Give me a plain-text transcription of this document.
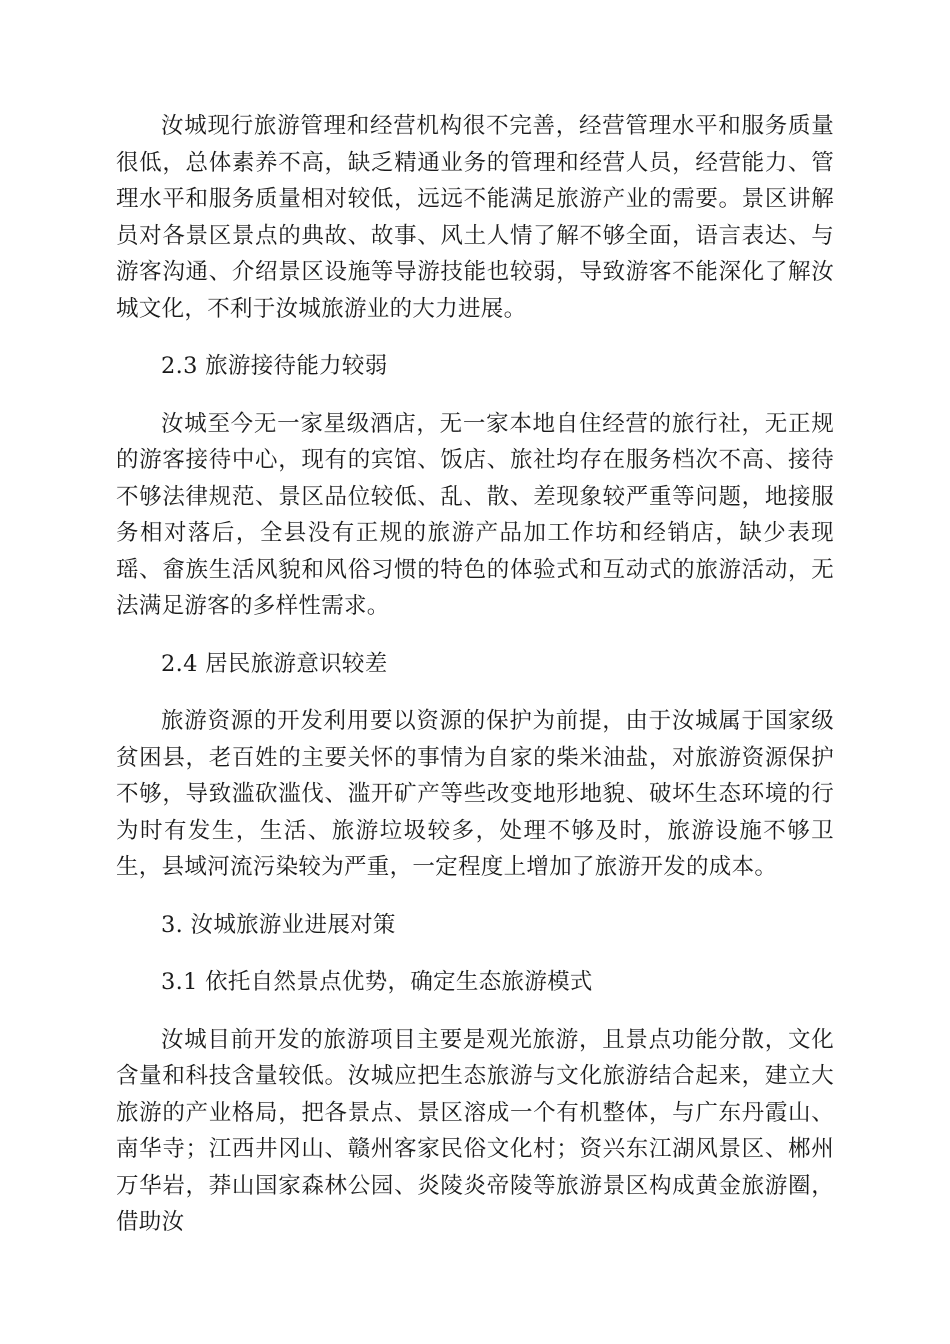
汝城现行旅游管理和经营机构很不完善，经营管理水平和服务质量很低，总体素养不高，缺乏精通业务的管理和经营人员，经营能力、管理水平和服务质量相对较低，远远不能满足旅游产业的需要。景区讲解员对各景区景点的典故、故事、风土人情了解不够全面，语言表达、与游客沟通、介绍景区设施等导游技能也较弱，导致游客不能深化了解汝城文化，不利于汝城旅游业的大力进展。

2.3 旅游接待能力较弱

汝城至今无一家星级酒店，无一家本地自住经营的旅行社，无正规的游客接待中心，现有的宾馆、饭店、旅社均存在服务档次不高、接待不够法律规范、景区品位较低、乱、散、差现象较严重等问题，地接服务相对落后，全县没有正规的旅游产品加工作坊和经销店，缺少表现瑶、畲族生活风貌和风俗习惯的特色的体验式和互动式的旅游活动，无法满足游客的多样性需求。

2.4 居民旅游意识较差

旅游资源的开发利用要以资源的保护为前提，由于汝城属于国家级贫困县，老百姓的主要关怀的事情为自家的柴米油盐，对旅游资源保护不够，导致滥砍滥伐、滥开矿产等些改变地形地貌、破坏生态环境的行为时有发生，生活、旅游垃圾较多，处理不够及时，旅游设施不够卫生，县域河流污染较为严重，一定程度上增加了旅游开发的成本。

3. 汝城旅游业进展对策

3.1 依托自然景点优势，确定生态旅游模式

汝城目前开发的旅游项目主要是观光旅游，且景点功能分散，文化含量和科技含量较低。汝城应把生态旅游与文化旅游结合起来，建立大旅游的产业格局，把各景点、景区溶成一个有机整体，与广东丹霞山、南华寺；江西井冈山、赣州客家民俗文化村；资兴东江湖风景区、郴州万华岩，莽山国家森林公园、炎陵炎帝陵等旅游景区构成黄金旅游圈，借助汝
